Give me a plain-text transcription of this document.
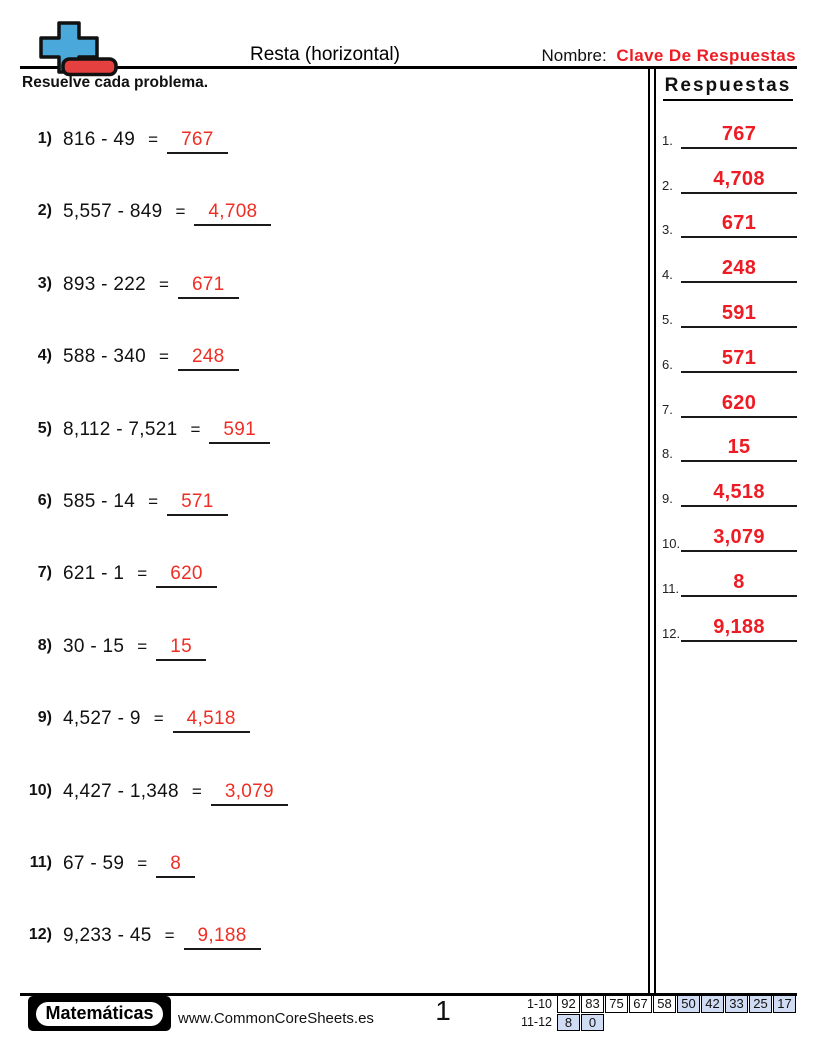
Resta (horizontal)	Nombre: Clave De Respuestas
Resuelve cada problema.
1) 816 - 49 =	767
2) 5,557 - 849 =	4,708
3) 893 - 222 =	671
4) 588 - 340 =	248
5) 8,112 - 7,521 =	591
6) 585 - 14 =	571
7) 621 - 1 =	620
8) 30 - 15 =	15
9) 4,527 - 9 =	4,518
10) 4,427 - 1,348 =	3,079
11) 67 - 59 =	8
12) 9,233 - 45 =	9,188
Respuestas
1.	767
2.	4,708
3.	671
4.	248
5.	591
6.	571
7.	620
8.	15
9.	4,518
10.	3,079
11.	8
12.	9,188
Matemáticas	www.CommonCoreSheets.es	1	1-10 92 83 75 67 58 50 42 33 25 17
11-12 8	0
